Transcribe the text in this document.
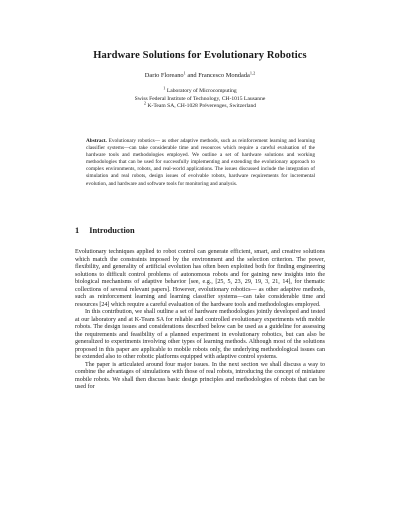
Hardware Solutions for Evolutionary Robotics
Dario Floreano$^1$ and Francesco Mondada$^{1,2}$
$^1$ Laboratory of Microcomputing
Swiss Federal Institute of Technology, CH-1015 Lausanne
$^2$ K-Team SA, CH-1028 Préverenges, Switzerland
Abstract. Evolutionary robotics— as other adaptive methods, such as reinforcement learning and learning classifier systems—can take considerable time and resources which require a careful evaluation of the hardware tools and methodologies employed. We outline a set of hardware solutions and working methodologies that can be used for successfully implementing and extending the evolutionary approach to complex environments, robots, and real-world applications. The issues discussed include the integration of simulation and real robots, design issues of evolvable robots, hardware requirements for incremental evolution, and hardware and software tools for monitoring and analysis.
1 Introduction

Evolutionary techniques applied to robot control can generate efficient, smart, and creative solutions which match the constraints imposed by the environment and the selection criterion. The power, flexibility, and generality of artificial evolution has often been exploited both for finding engineering solutions to difficult control problems of autonomous robots and for gaining new insights into the biological mechanisms of adaptive behavior [see, e.g., [25, 5, 23, 29, 19, 3, 21, 14], for thematic collections of several relevant papers]. However, evolutionary robotics— as other adaptive methods, such as reinforcement learning and learning classifier systems—can take considerable time and resources [24] which require a careful evaluation of the hardware tools and methodologies employed.

In this contribution, we shall outline a set of hardware methodologies jointly developed and tested at our laboratory and at K-Team SA for reliable and controlled evolutionary experiments with mobile robots. The design issues and considerations described below can be used as a guideline for assessing the requirements and feasibility of a planned experiment in evolutionary robotics, but can also be generalized to experiments involving other types of learning methods. Although most of the solutions proposed in this paper are applicable to mobile robots only, the underlying methodological issues can be extended also to other robotic platforms equipped with adaptive control systems.

The paper is articulated around four major issues. In the next section we shall discuss a way to combine the advantages of simulations with those of real robots, introducing the concept of miniature mobile robots. We shall then discuss basic design principles and methodologies of robots that can be used for
